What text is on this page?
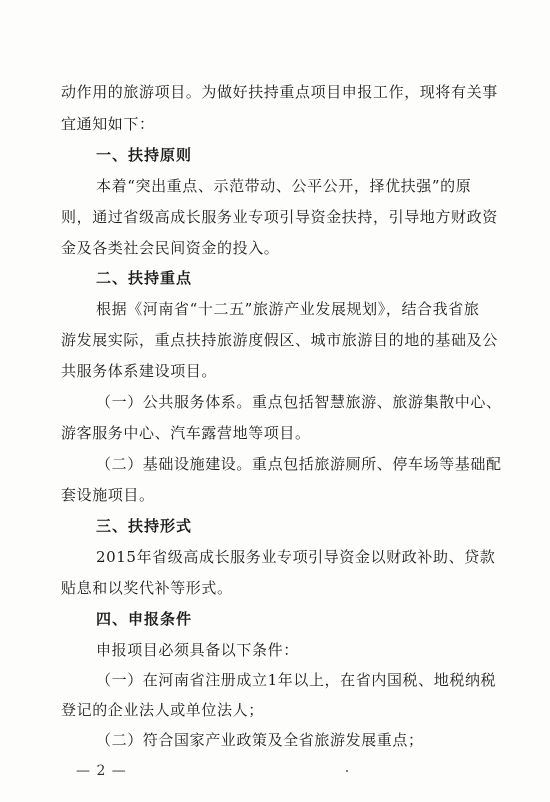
动作用的旅游项目。为做好扶持重点项目申报工作，现将有关事
宜通知如下：
一、扶持原则
本着“突出重点、示范带动、公平公开，择优扶强”的原
则，通过省级高成长服务业专项引导资金扶持，引导地方财政资
金及各类社会民间资金的投入。
二、扶持重点
根据《河南省“十二五”旅游产业发展规划》，结合我省旅
游发展实际，重点扶持旅游度假区、城市旅游目的地的基础及公
共服务体系建设项目。
（一）公共服务体系。重点包括智慧旅游、旅游集散中心、
游客服务中心、汽车露营地等项目。
（二）基础设施建设。重点包括旅游厕所、停车场等基础配
套设施项目。
三、扶持形式
2015年省级高成长服务业专项引导资金以财政补助、贷款
贴息和以奖代补等形式。
四、申报条件
申报项目必须具备以下条件：
（一）在河南省注册成立1年以上，在省内国税、地税纳税
登记的企业法人或单位法人；
（二）符合国家产业政策及全省旅游发展重点；
— 2 —
